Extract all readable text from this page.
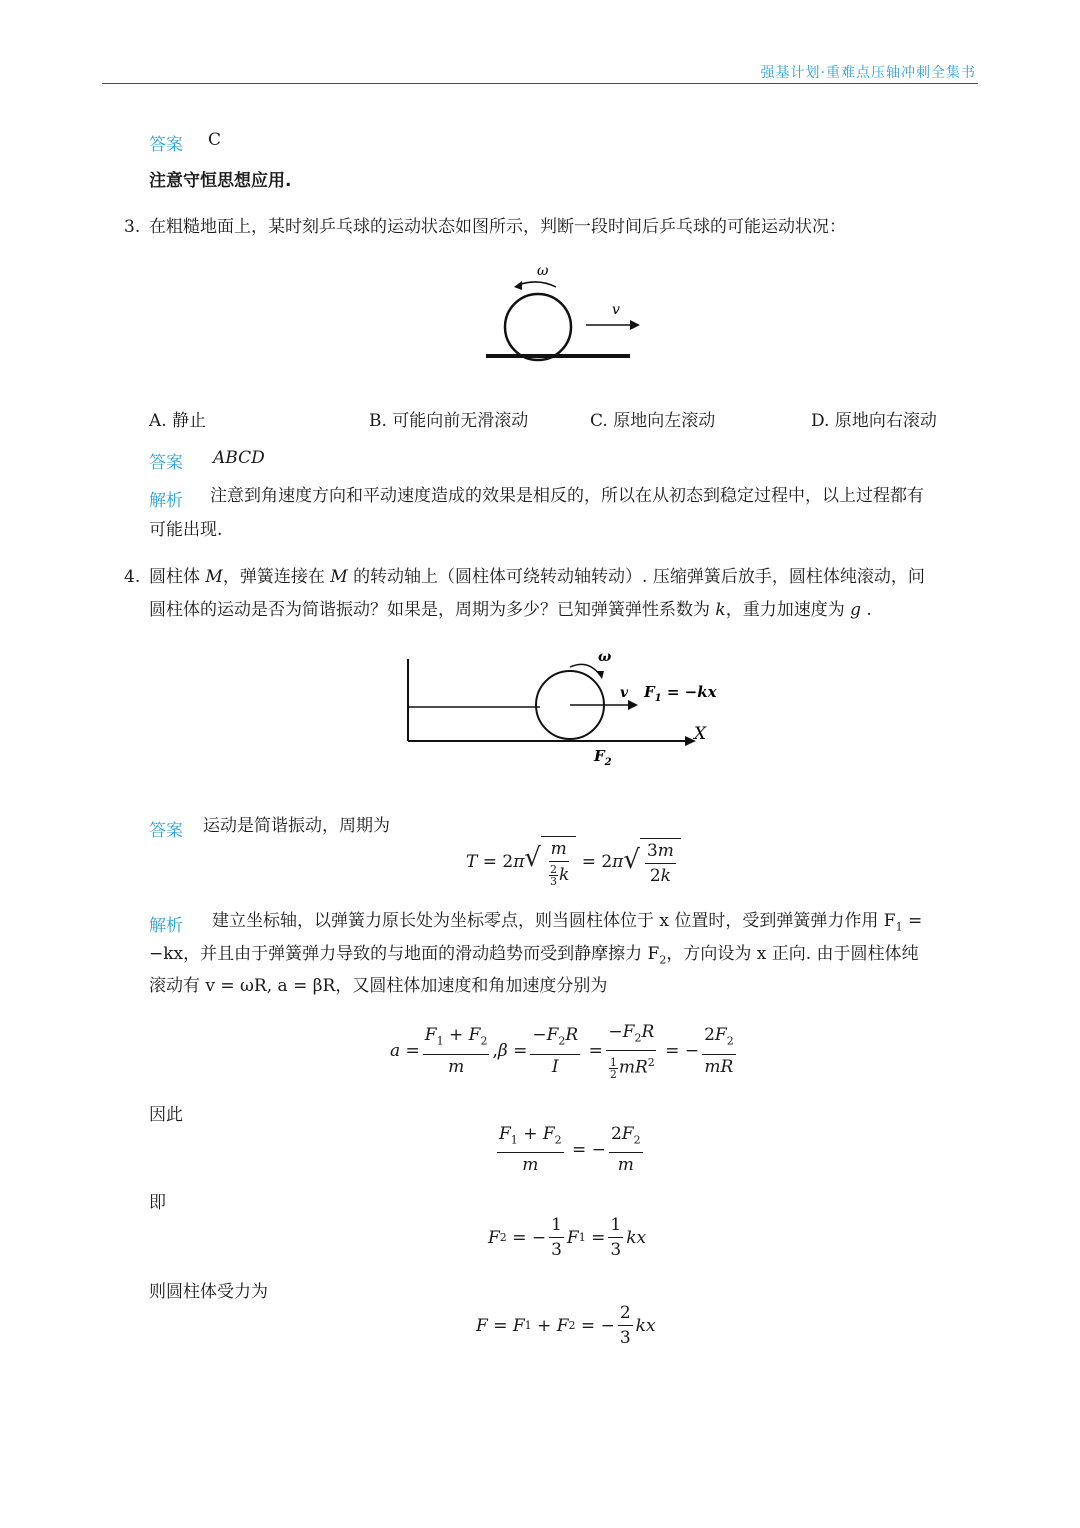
强基计划·重难点压轴冲刺全集书
答案 C
注意守恒思想应用.
3. 在粗糙地面上，某时刻乒乓球的运动状态如图所示，判断一段时间后乒乓球的可能运动状况：
ω
v
A. 静止	B. 可能向前无滑滚动	C. 原地向左滚动	D. 原地向右滚动
答案 ABCD
解析 注意到角速度方向和平动速度造成的效果是相反的，所以在从初态到稳定过程中，以上过程都有
可能出现.
4. 圆柱体 M，弹簧连接在 M 的转动轴上（圆柱体可绕转动轴转动）. 压缩弹簧后放手，圆柱体纯滚动，问
圆柱体的运动是否为简谐振动？如果是，周期为多少？已知弹簧弹性系数为 k，重力加速度为 g .
X
ω
v $F_1 = -kx$
$F_2$
答案 运动是简谐振动，周期为
T = 2 π √ $\frac{m}{\frac{2}{3} k} = 2$ π √ $\frac{3m}{2k}$
解析 建立坐标轴，以弹簧力原长处为坐标零点，则当圆柱体位于 x 位置时，受到弹簧弹力作用 $F_1$ =
−kx，并且由于弹簧弹力导致的与地面的滑动趋势而受到静摩擦力 $F_2$，方向设为 x 正向. 由于圆柱体纯
滚动有 v = ωR, a = βR，又圆柱体加速度和角加速度分别为
$a = \frac{F_1 + F_2}{m}$ , $\beta = \frac{-F_2R}{I} = \frac{-F_2R}{\frac{1}{2} mR^2}$ = − $\frac{2F_2}{mR}$
因此
$\frac{F_1 + F_2}{m}$ = − $\frac{2F_2}{m}$
即
F 2 = − $\frac{1}{3}$ F $1 = \frac{1}{3}$ kx
则圆柱体受力为
F = F 1 + F 2 = − $\frac{2}{3}$ kx
